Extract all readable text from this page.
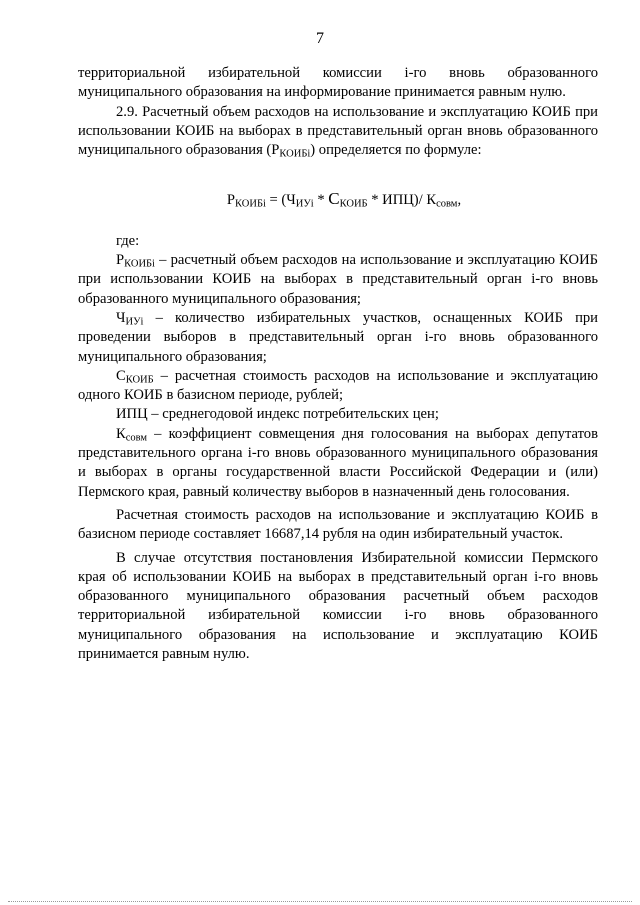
7

территориальной избирательной комиссии i-го вновь образованного муниципального образования на информирование принимается равным нулю.

2.9. Расчетный объем расходов на использование и эксплуатацию КОИБ при использовании КОИБ на выборах в представительный орган вновь образованного муниципального образования $(Р_{КОИБi})$ определяется по формуле:

$Р_{КОИБi} = (Ч_{ИУi} * С_{КОИБ} * ИПЦ)/$ $К_{совм}$,

где:

$Р_{КОИБi}$ – расчетный объем расходов на использование и эксплуатацию КОИБ при использовании КОИБ на выборах в представительный орган i-го вновь образованного муниципального образования;

$Ч_{ИУi}$ – количество избирательных участков, оснащенных КОИБ при проведении выборов в представительный орган i-го вновь образованного муниципального образования;

$С_{КОИБ}$ – расчетная стоимость расходов на использование и эксплуатацию одного КОИБ в базисном периоде, рублей;

ИПЦ – среднегодовой индекс потребительских цен;

$К_{совм}$ – коэффициент совмещения дня голосования на выборах депутатов представительного органа i-го вновь образованного муниципального образования и выборах в органы государственной власти Российской Федерации и (или) Пермского края, равный количеству выборов в назначенный день голосования.

Расчетная стоимость расходов на использование и эксплуатацию КОИБ в базисном периоде составляет 16687,14 рубля на один избирательный участок.

В случае отсутствия постановления Избирательной комиссии Пермского края об использовании КОИБ на выборах в представительный орган i-го вновь образованного муниципального образования расчетный объем расходов территориальной избирательной комиссии i-го вновь образованного муниципального образования на использование и эксплуатацию КОИБ принимается равным нулю.
